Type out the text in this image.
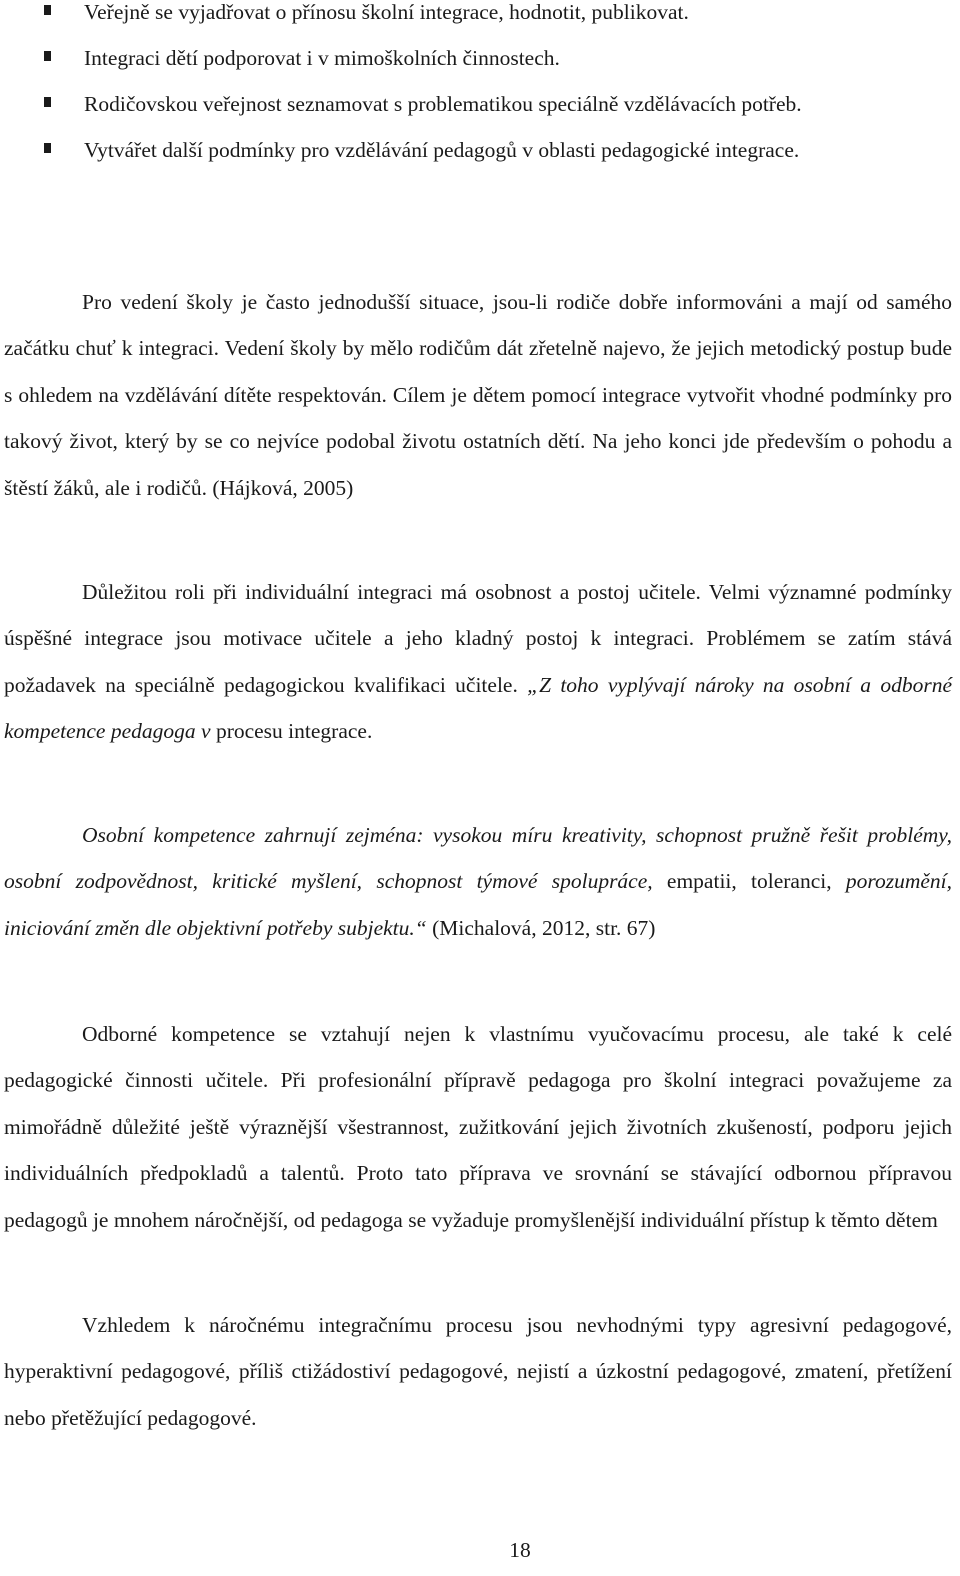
Veřejně se vyjadřovat o přínosu školní integrace, hodnotit, publikovat.

Integraci dětí podporovat i v mimoškolních činnostech.

Rodičovskou veřejnost seznamovat s problematikou speciálně vzdělávacích potřeb.

Vytvářet další podmínky pro vzdělávání pedagogů v oblasti pedagogické integrace.

Pro vedení školy je často jednodušší situace, jsou-li rodiče dobře informováni a mají od samého začátku chuť k integraci. Vedení školy by mělo rodičům dát zřetelně najevo, že jejich metodický postup bude s ohledem na vzdělávání dítěte respektován. Cílem je dětem pomocí integrace vytvořit vhodné podmínky pro takový život, který by se co nejvíce podobal životu ostatních dětí. Na jeho konci jde především o pohodu a štěstí žáků, ale i rodičů. (Hájková, 2005)

Důležitou roli při individuální integraci má osobnost a postoj učitele. Velmi významné podmínky úspěšné integrace jsou motivace učitele a jeho kladný postoj k integraci. Problémem se zatím stává požadavek na speciálně pedagogickou kvalifikaci učitele. „Z toho vyplývají nároky na osobní a odborné kompetence pedagoga v procesu integrace.

Osobní kompetence zahrnují zejména: vysokou míru kreativity, schopnost pružně řešit problémy, osobní zodpovědnost, kritické myšlení, schopnost týmové spolupráce, empatii, toleranci, porozumění, iniciování změn dle objektivní potřeby subjektu.“ (Michalová, 2012, str. 67)

Odborné kompetence se vztahují nejen k vlastnímu vyučovacímu procesu, ale také k celé pedagogické činnosti učitele. Při profesionální přípravě pedagoga pro školní integraci považujeme za mimořádně důležité ještě výraznější všestrannost, zužitkování jejich životních zkušeností, podporu jejich individuálních předpokladů a talentů. Proto tato příprava ve srovnání se stávající odbornou přípravou pedagogů je mnohem náročnější, od pedagoga se vyžaduje promyšlenější individuální přístup k těmto dětem

Vzhledem k náročnému integračnímu procesu jsou nevhodnými typy agresivní pedagogové, hyperaktivní pedagogové, příliš ctižádostiví pedagogové, nejistí a úzkostní pedagogové, zmatení, přetížení nebo přetěžující pedagogové.

18
